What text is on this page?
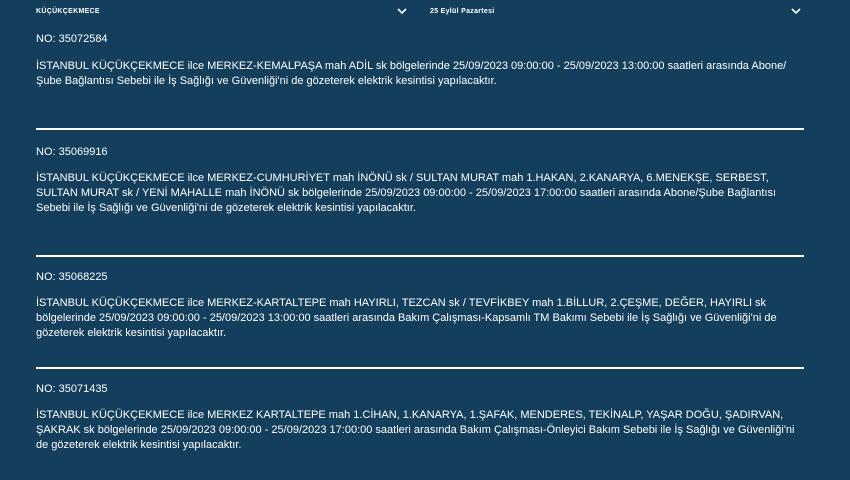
KÜÇÜKÇEKMECE	25 Eylül Pazartesi
NO: 35072584
İSTANBUL KÜÇÜKÇEKMECE ilce MERKEZ-KEMALPAŞA mah ADİL sk bölgelerinde 25/09/2023 09:00:00 - 25/09/2023 13:00:00 saatleri arasında Abone/Şube Bağlantısı Sebebi ile İş Sağlığı ve Güvenliği'ni de gözeterek elektrik kesintisi yapılacaktır.
NO: 35069916
İSTANBUL KÜÇÜKÇEKMECE ilce MERKEZ-CUMHURİYET mah İNÖNÜ sk / SULTAN MURAT mah 1.HAKAN, 2.KANARYA, 6.MENEKŞE, SERBEST, SULTAN MURAT sk / YENİ MAHALLE mah İNÖNÜ sk bölgelerinde 25/09/2023 09:00:00 - 25/09/2023 17:00:00 saatleri arasında Abone/Şube Bağlantısı Sebebi ile İş Sağlığı ve Güvenliği'ni de gözeterek elektrik kesintisi yapılacaktır.
NO: 35068225
İSTANBUL KÜÇÜKÇEKMECE ilce MERKEZ-KARTALTEPE mah HAYIRLI, TEZCAN sk / TEVFİKBEY mah 1.BİLLUR, 2.ÇEŞME, DEĞER, HAYIRLI sk bölgelerinde 25/09/2023 09:00:00 - 25/09/2023 13:00:00 saatleri arasında Bakım Çalışması-Kapsamlı TM Bakımı Sebebi ile İş Sağlığı ve Güvenliği'ni de gözeterek elektrik kesintisi yapılacaktır.
NO: 35071435
İSTANBUL KÜÇÜKÇEKMECE ilce MERKEZ KARTALTEPE mah 1.CİHAN, 1.KANARYA, 1.ŞAFAK, MENDERES, TEKİNALP, YAŞAR DOĞU, ŞADIRVAN, ŞAKRAK sk bölgelerinde 25/09/2023 09:00:00 - 25/09/2023 17:00:00 saatleri arasında Bakım Çalışması-Önleyici Bakım Sebebi ile İş Sağlığı ve Güvenliği'ni de gözeterek elektrik kesintisi yapılacaktır.
